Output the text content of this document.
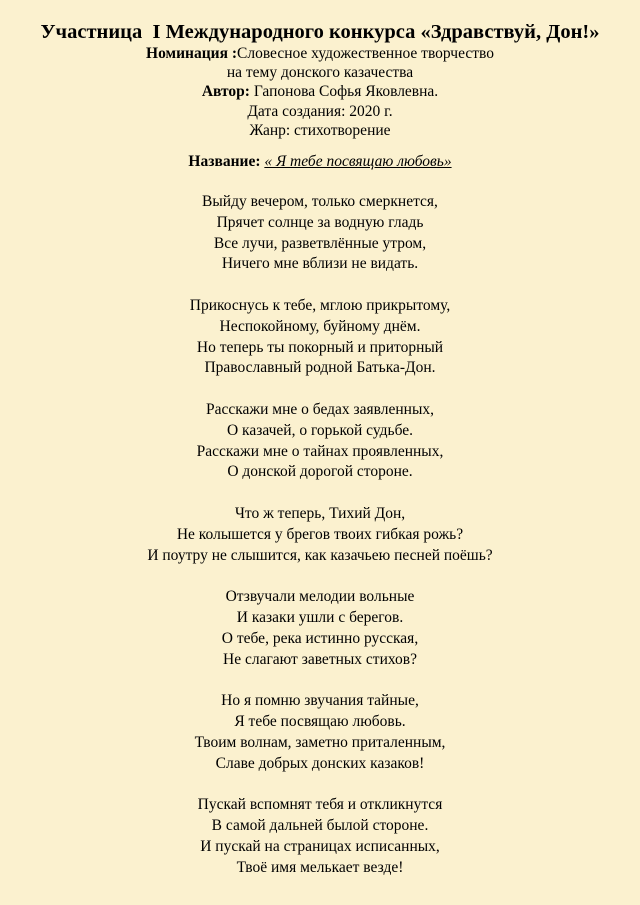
Участница  I Международного конкурса «Здравствуй, Дон!»
Номинация :Словесное художественное творчество
на тему донского казачества
Автор: Гапонова Софья Яковлевна.
Дата создания: 2020 г.
Жанр: стихотворение
Название: « Я тебе посвящаю любовь»
Выйду вечером, только смеркнется,
Прячет солнце за водную гладь
Все лучи, разветвлённые утром,
Ничего мне вблизи не видать.
Прикоснусь к тебе, мглою прикрытому,
Неспокойному, буйному днём.
Но теперь ты покорный и приторный
Православный родной Батька-Дон.
Расскажи мне о бедах заявленных,
О казачей, о горькой судьбе.
Расскажи мне о тайнах проявленных,
О донской дорогой стороне.
Что ж теперь, Тихий Дон,
Не колышется у брегов твоих гибкая рожь?
И поутру не слышится, как казачьею песней поёшь?
Отзвучали мелодии вольные
И казаки ушли с берегов.
О тебе, река истинно русская,
Не слагают заветных стихов?
Но я помню звучания тайные,
Я тебе посвящаю любовь.
Твоим волнам, заметно приталенным,
Славе добрых донских казаков!
Пускай вспомнят тебя и откликнутся
В самой дальней былой стороне.
И пускай на страницах исписанных,
Твоё имя мелькает везде!
